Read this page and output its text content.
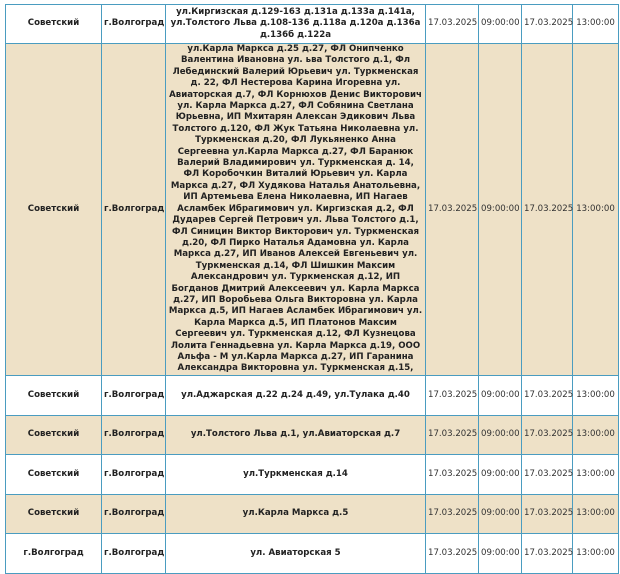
Советский	г.Волгоград	ул.Киргизская д.129-163 д.131а д.133а д.141а, ул.Толстого Льва д.108-136 д.118а д.120а д.136а д.136б д.122а	17.03.2025	09:00:00	17.03.2025	13:00:00
Советский	г.Волгоград	ул.Карла Маркса д.25 д.27, ФЛ Онипченко Валентина Ивановна ул. ьва Толстого д.1, Фл Лебединский Валерий Юрьевич ул. Туркменская д. 22, ФЛ Нестерова Карина Игоревна ул. Авиаторская д.7, ФЛ Корнюхов Денис Викторович ул. Карла Маркса д.27, ФЛ Собянина Светлана Юрьевна, ИП Мхитарян Алексан Эдикович Льва Толстого д.120, ФЛ Жук Татьяна Николаевна ул. Туркменская д.20, ФЛ Лукьяненко Анна Сергеевна ул.Карла Маркса д.27, ФЛ Баранюк Валерий Владимирович ул. Туркменская д. 14, ФЛ Коробочкин Виталий Юрьевич ул. Карла Маркса д.27, ФЛ Худякова Наталья Анатольевна, ИП Артемьева Елена Николаевна, ИП Нагаев Асламбек Ибрагимович ул. Киргизская д.2, ФЛ Дударев Сергей Петрович ул. Льва Толстого д.1, ФЛ Синицин Виктор Викторович ул. Туркменская д.20, ФЛ Пирко Наталья Адамовна ул. Карла Маркса д.27, ИП Иванов Алексей Евгеньевич ул. Туркменская д.14, ФЛ Шишкин Максим Александрович ул. Туркменская д.12, ИП Богданов Дмитрий Алексеевич ул. Карла Маркса д.27, ИП Воробьева Ольга Викторовна ул. Карла Маркса д.5, ИП Нагаев Асламбек Ибрагимович ул. Карла Маркса д.5, ИП Платонов Максим Сергеевич ул. Туркменская д.12, ФЛ Кузнецова Лолита Геннадьевна ул. Карла Маркса д.19, ООО Альфа - М ул.Карла Маркса д.27, ИП Гаранина Александра Викторовна ул. Туркменская д.15,	17.03.2025	09:00:00	17.03.2025	13:00:00
Советский	г.Волгоград	ул.Аджарская д.22 д.24 д.49, ул.Тулака д.40	17.03.2025	09:00:00	17.03.2025	13:00:00
Советский	г.Волгоград	ул.Толстого Льва д.1, ул.Авиаторская д.7	17.03.2025	09:00:00	17.03.2025	13:00:00
Советский	г.Волгоград	ул.Туркменская д.14	17.03.2025	09:00:00	17.03.2025	13:00:00
Советский	г.Волгоград	ул.Карла Маркса д.5	17.03.2025	09:00:00	17.03.2025	13:00:00
г.Волгоград	г.Волгоград	ул. Авиаторская 5	17.03.2025	09:00:00	17.03.2025	13:00:00
